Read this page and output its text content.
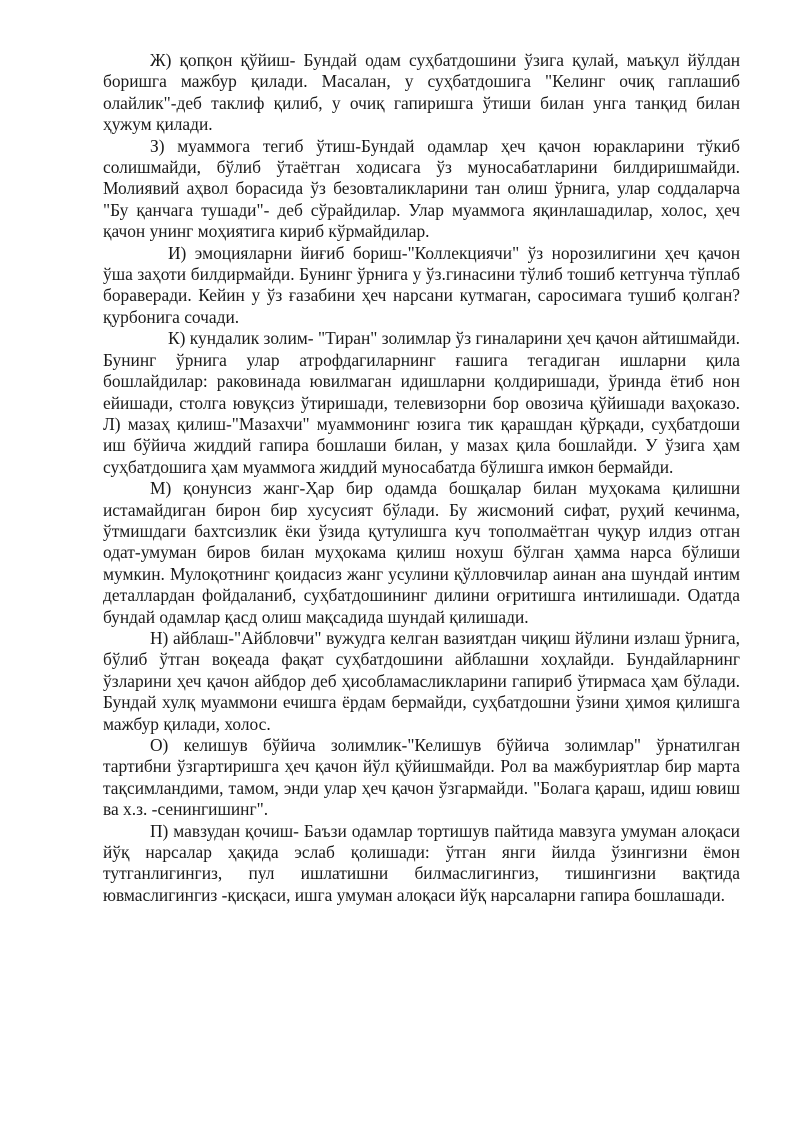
Ж) қопқон қўйиш- Бундай одам суҳбатдошини ўзига қулай, маъқул йўлдан боришга мажбур қилади. Масалан, у суҳбатдошига "Келинг очиқ гаплашиб олайлик"-деб таклиф қилиб, у очиқ гапиришга ўтиши билан унга танқид билан ҳужум қилади.

З) муаммога тегиб ўтиш-Бундай одамлар ҳеч қачон юракларини тўкиб солишмайди, бўлиб ўтаётган ходисага ўз муносабатларини билдиришмайди. Молиявий аҳвол борасида ўз безовталикларини тан олиш ўрнига, улар соддаларча "Бу қанчага тушади"- деб сўрайдилар. Улар муаммога яқинлашадилар, холос, ҳеч қачон унинг моҳиятига кириб кўрмайдилар.

И) эмоцияларни йиғиб бориш-"Коллекциячи" ўз норозилигини ҳеч қачон ўша заҳоти билдирмайди. Бунинг ўрнига у ўз.гинасини тўлиб тошиб кетгунча тўплаб бораверади. Кейин у ўз ғазабини ҳеч нарсани кутмаган, саросимага тушиб қолган? қурбонига сочади.

К) кундалик золим- "Тиран" золимлар ўз гиналарини ҳеч қачон айтишмайди. Бунинг ўрнига улар атрофдагиларнинг ғашига тегадиган ишларни қила бошлайдилар: раковинада ювилмаган идишларни қолдиришади, ўринда ётиб нон ейишади, столга ювуқсиз ўтиришади, телевизорни бор овозича қўйишади ваҳоказо. Л) мазаҳ қилиш-"Мазахчи" муаммонинг юзига тик қарашдан қўрқади, суҳбатдоши иш бўйича жиддий гапира бошлаши билан, у мазах қила бошлайди. У ўзига ҳам суҳбатдошига ҳам муаммога жиддий муносабатда бўлишга имкон бермайди.

М) қонунсиз жанг-Ҳар бир одамда бошқалар билан муҳокама қилишни истамайдиган бирон бир хусусият бўлади. Бу жисмоний сифат, руҳий кечинма, ўтмишдаги бахтсизлик ёки ўзида қутулишга куч тополмаётган чуқур илдиз отган одат-умуман биров билан муҳокама қилиш нохуш бўлган ҳамма нарса бўлиши мумкин. Мулоқотнинг қоидасиз жанг усулини қўлловчилар аинан ана шундай интим деталлардан фойдаланиб, суҳбатдошининг дилини оғритишга интилишади. Одатда бундай одамлар қасд олиш мақсадида шундай қилишади.

Н) айблаш-"Айбловчи" вужудга келган вазиятдан чиқиш йўлини излаш ўрнига, бўлиб ўтган воқеада фақат суҳбатдошини айблашни хоҳлайди. Бундайларнинг ўзларини ҳеч қачон айбдор деб ҳисобламасликларини гапириб ўтирмаса ҳам бўлади. Бундай хулқ муаммони ечишга ёрдам бермайди, суҳбатдошни ўзини ҳимоя қилишга мажбур қилади, холос.

О) келишув бўйича золимлик-"Келишув бўйича золимлар" ўрнатилган тартибни ўзгартиришга ҳеч қачон йўл қўйишмайди. Рол ва мажбуриятлар бир марта тақсимландими, тамом, энди улар ҳеч қачон ўзгармайди. "Болага қараш, идиш ювиш ва х.з. -сенингишинг".

П) мавзудан қочиш- Баъзи одамлар тортишув пайтида мавзуга умуман алоқаси йўқ нарсалар ҳақида эслаб қолишади: ўтган янги йилда ўзингизни ёмон тутганлигингиз, пул ишлатишни билмаслигингиз, тишингизни вақтида ювмаслигингиз -қисқаси, ишга умуман алоқаси йўқ нарсаларни гапира бошлашади.
